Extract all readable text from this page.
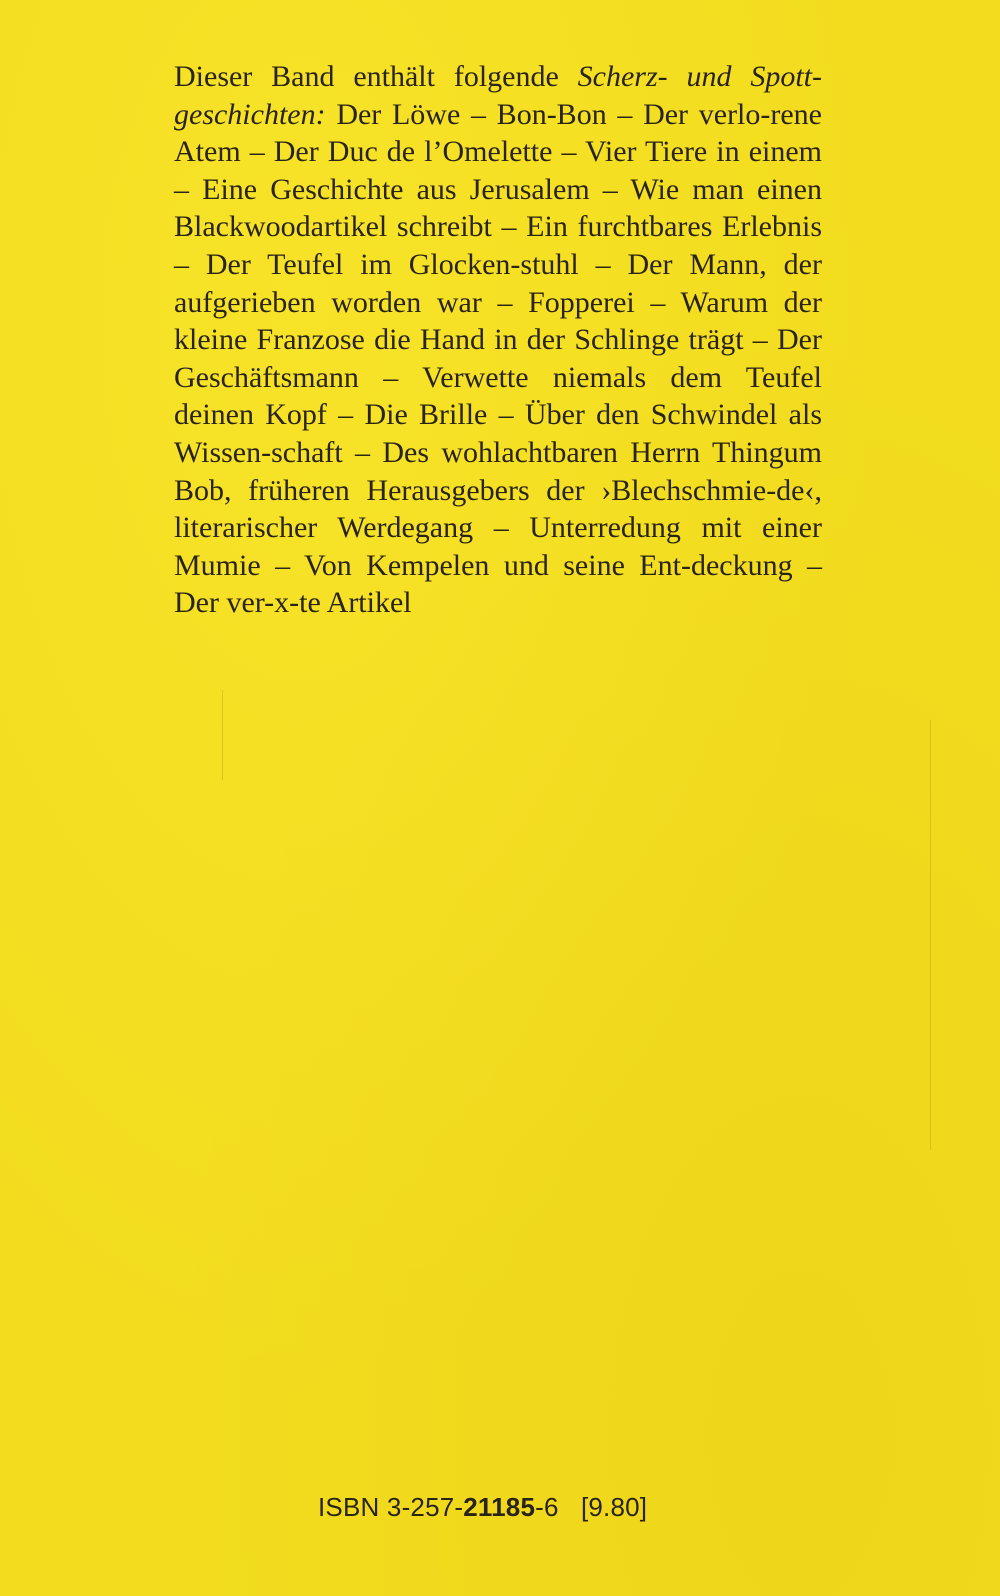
Dieser Band enthält folgende Scherz- und Spott-geschichten: Der Löwe – Bon-Bon – Der verlo-rene Atem – Der Duc de l’Omelette – Vier Tiere in einem – Eine Geschichte aus Jerusalem – Wie man einen Blackwoodartikel schreibt – Ein furchtbares Erlebnis – Der Teufel im Glocken-stuhl – Der Mann, der aufgerieben worden war – Fopperei – Warum der kleine Franzose die Hand in der Schlinge trägt – Der Geschäftsmann – Verwette niemals dem Teufel deinen Kopf – Die Brille – Über den Schwindel als Wissen-schaft – Des wohlachtbaren Herrn Thingum Bob, früheren Herausgebers der ›Blechschmie-de‹, literarischer Werdegang – Unterredung mit einer Mumie – Von Kempelen und seine Ent-deckung – Der ver-x-te Artikel

ISBN 3-257-21185-6 [9.80]
